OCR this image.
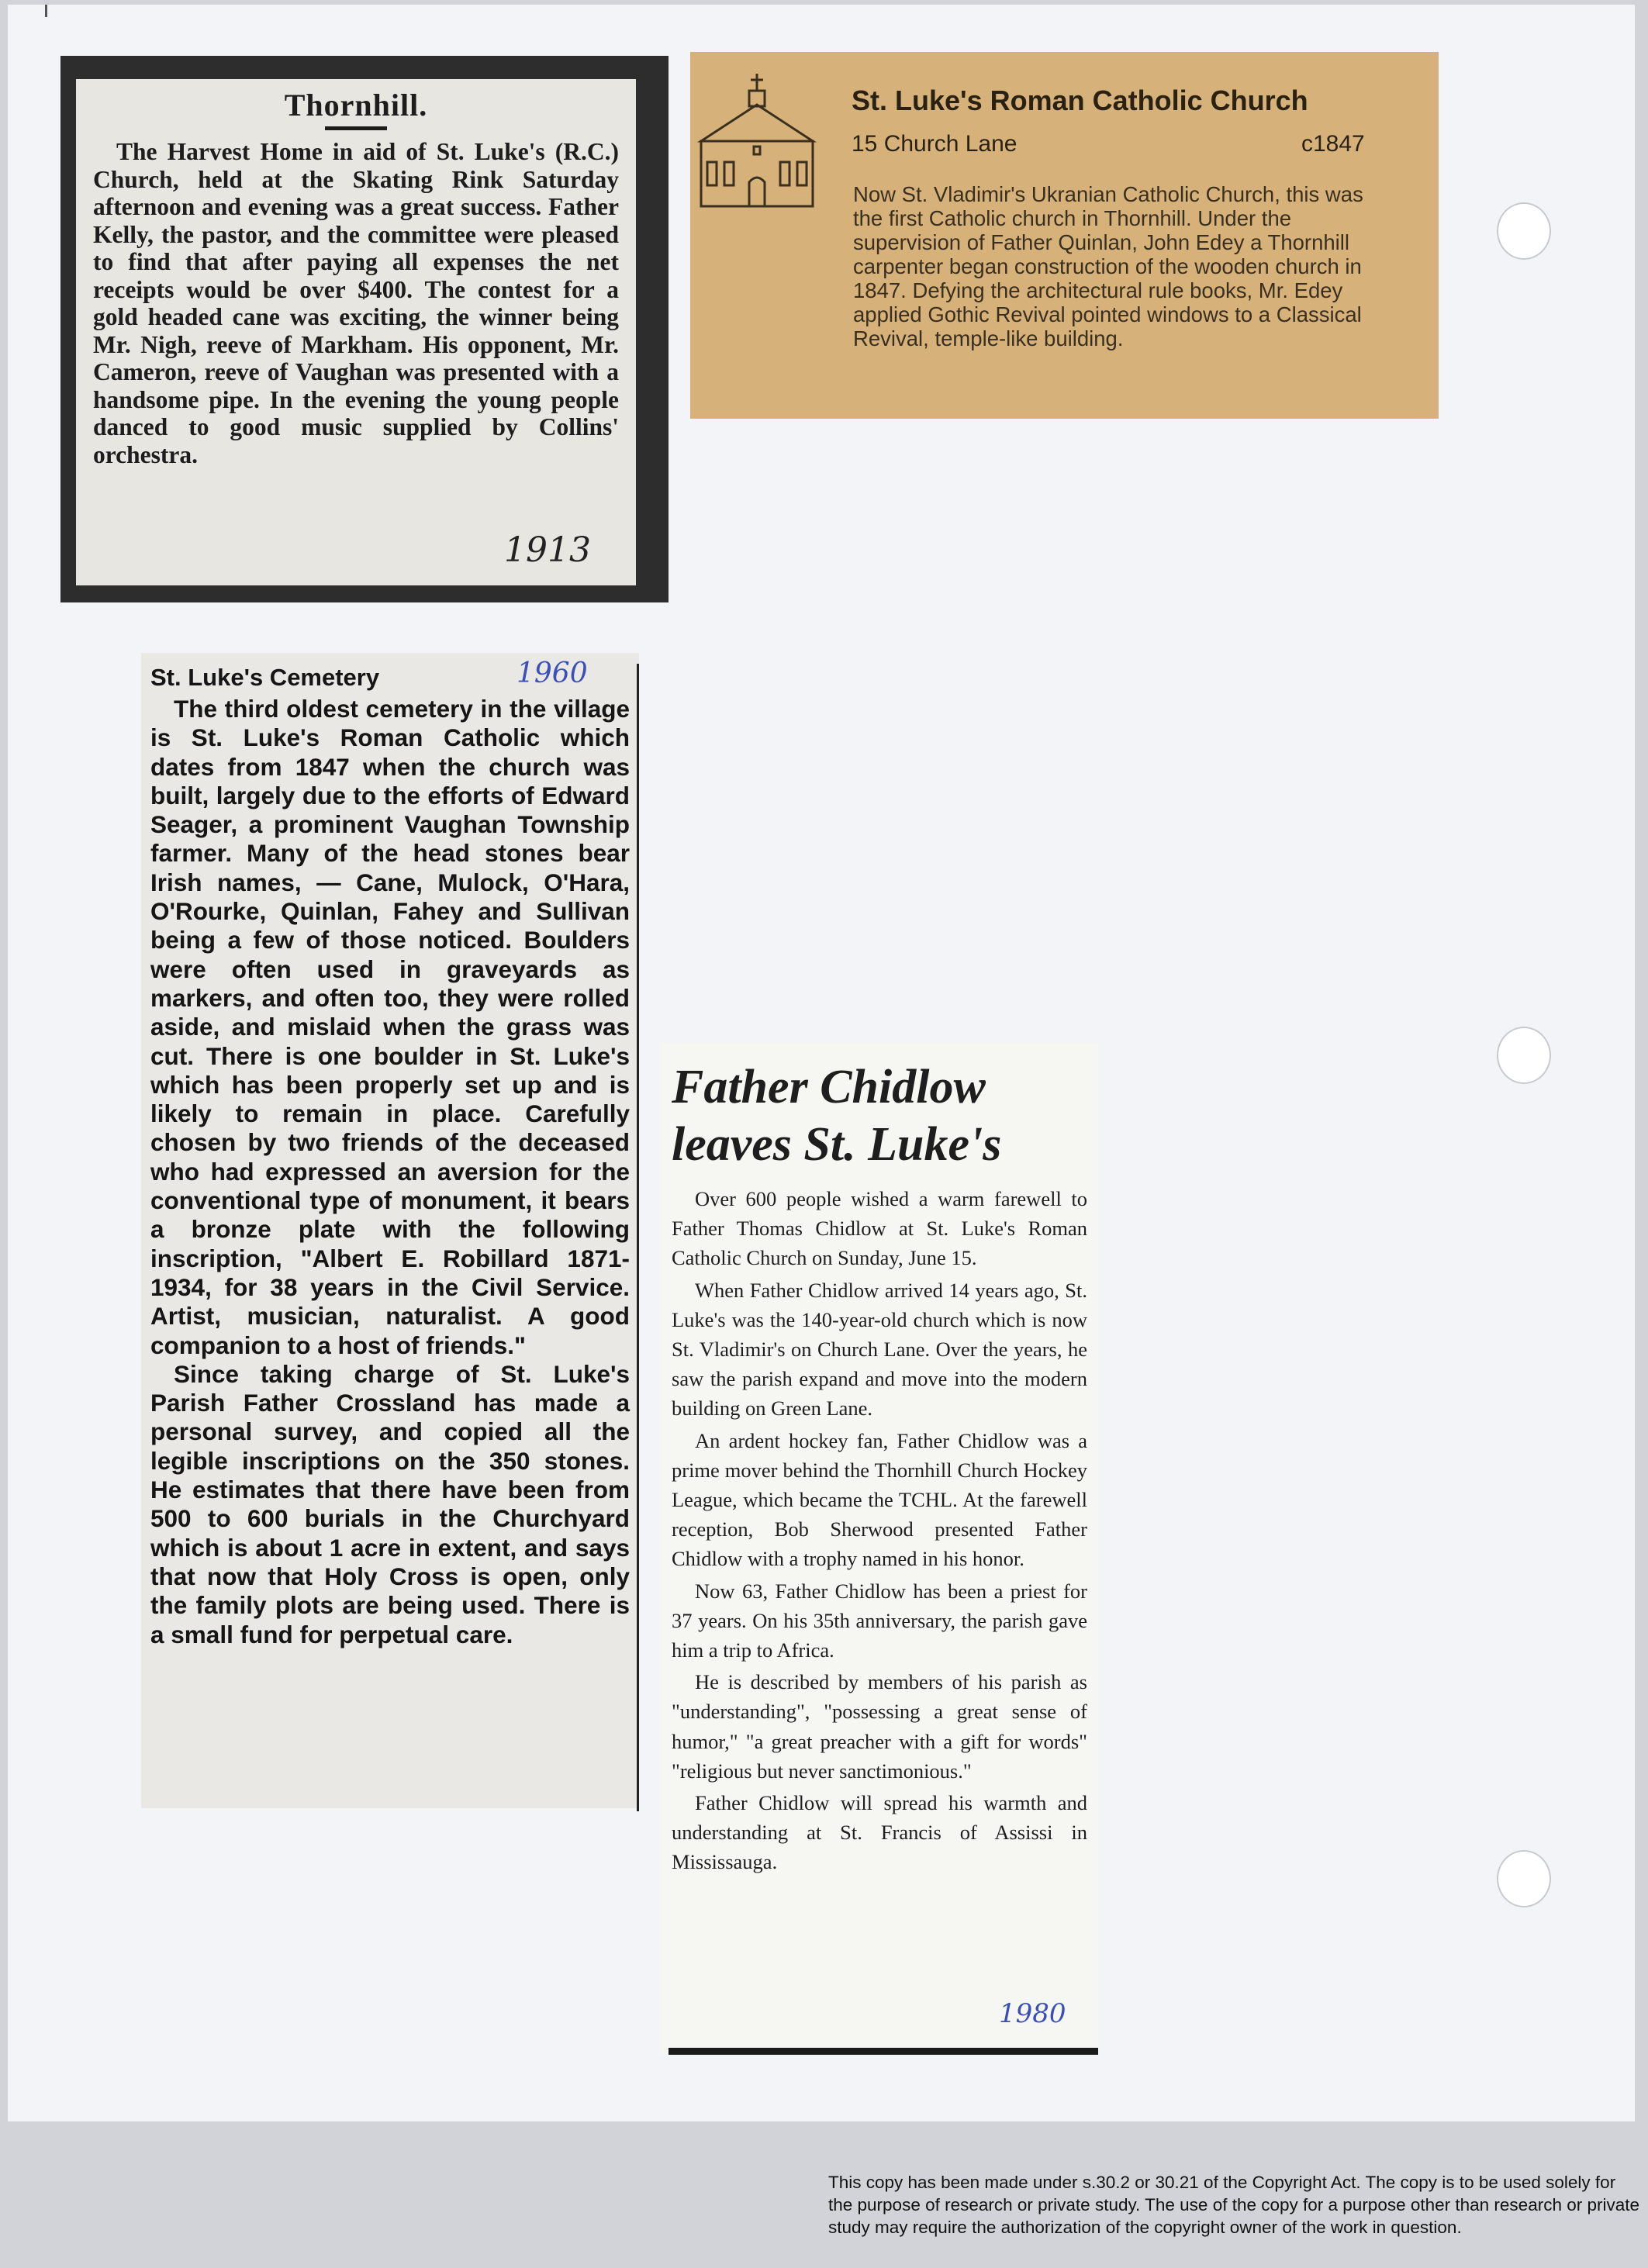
Thornhill.

The Harvest Home in aid of St. Luke's (R.C.) Church, held at the Skating Rink Saturday afternoon and evening was a great success. Father Kelly, the pastor, and the committee were pleased to find that after paying all expenses the net receipts would be over $400. The contest for a gold headed cane was exciting, the winner being Mr. Nigh, reeve of Markham. His opponent, Mr. Cameron, reeve of Vaughan was presented with a handsome pipe. In the evening the young people danced to good music supplied by Collins' orchestra.

1913
St. Luke's Roman Catholic Church
15 Church Lane	c1847

Now St. Vladimir's Ukranian Catholic Church, this was the first Catholic church in Thornhill. Under the supervision of Father Quinlan, John Edey a Thornhill carpenter began construction of the wooden church in 1847. Defying the architectural rule books, Mr. Edey applied Gothic Revival pointed windows to a Classical Revival, temple-like building.

St. Luke's Cemetery	1960

The third oldest cemetery in the village is St. Luke's Roman Catholic which dates from 1847 when the church was built, largely due to the efforts of Edward Seager, a prominent Vaughan Township farmer. Many of the head stones bear Irish names, — Cane, Mulock, O'Hara, O'Rourke, Quinlan, Fahey and Sullivan being a few of those noticed. Boulders were often used in graveyards as markers, and often too, they were rolled aside, and mislaid when the grass was cut. There is one boulder in St. Luke's which has been properly set up and is likely to remain in place. Carefully chosen by two friends of the deceased who had expressed an aversion for the conventional type of monument, it bears a bronze plate with the following inscription, "Albert E. Robillard 1871-1934, for 38 years in the Civil Service. Artist, musician, naturalist. A good companion to a host of friends."

Since taking charge of St. Luke's Parish Father Crossland has made a personal survey, and copied all the legible inscriptions on the 350 stones. He estimates that there have been from 500 to 600 burials in the Churchyard which is about 1 acre in extent, and says that now that Holy Cross is open, only the family plots are being used. There is a small fund for perpetual care.

Father Chidlow
leaves St. Luke's

Over 600 people wished a warm farewell to Father Thomas Chidlow at St. Luke's Roman Catholic Church on Sunday, June 15.

When Father Chidlow arrived 14 years ago, St. Luke's was the 140-year-old church which is now St. Vladimir's on Church Lane. Over the years, he saw the parish expand and move into the modern building on Green Lane.

An ardent hockey fan, Father Chidlow was a prime mover behind the Thornhill Church Hockey League, which became the TCHL. At the farewell reception, Bob Sherwood presented Father Chidlow with a trophy named in his honor.

Now 63, Father Chidlow has been a priest for 37 years. On his 35th anniversary, the parish gave him a trip to Africa.

He is described by members of his parish as "understanding", "possessing a great sense of humor," "a great preacher with a gift for words" "religious but never sanctimonious."

Father Chidlow will spread his warmth and understanding at St. Francis of Assissi in Mississauga.

1980

This copy has been made under s.30.2 or 30.21 of the Copyright Act. The copy is to be used solely for the purpose of research or private study. The use of the copy for a purpose other than research or private study may require the authorization of the copyright owner of the work in question.
